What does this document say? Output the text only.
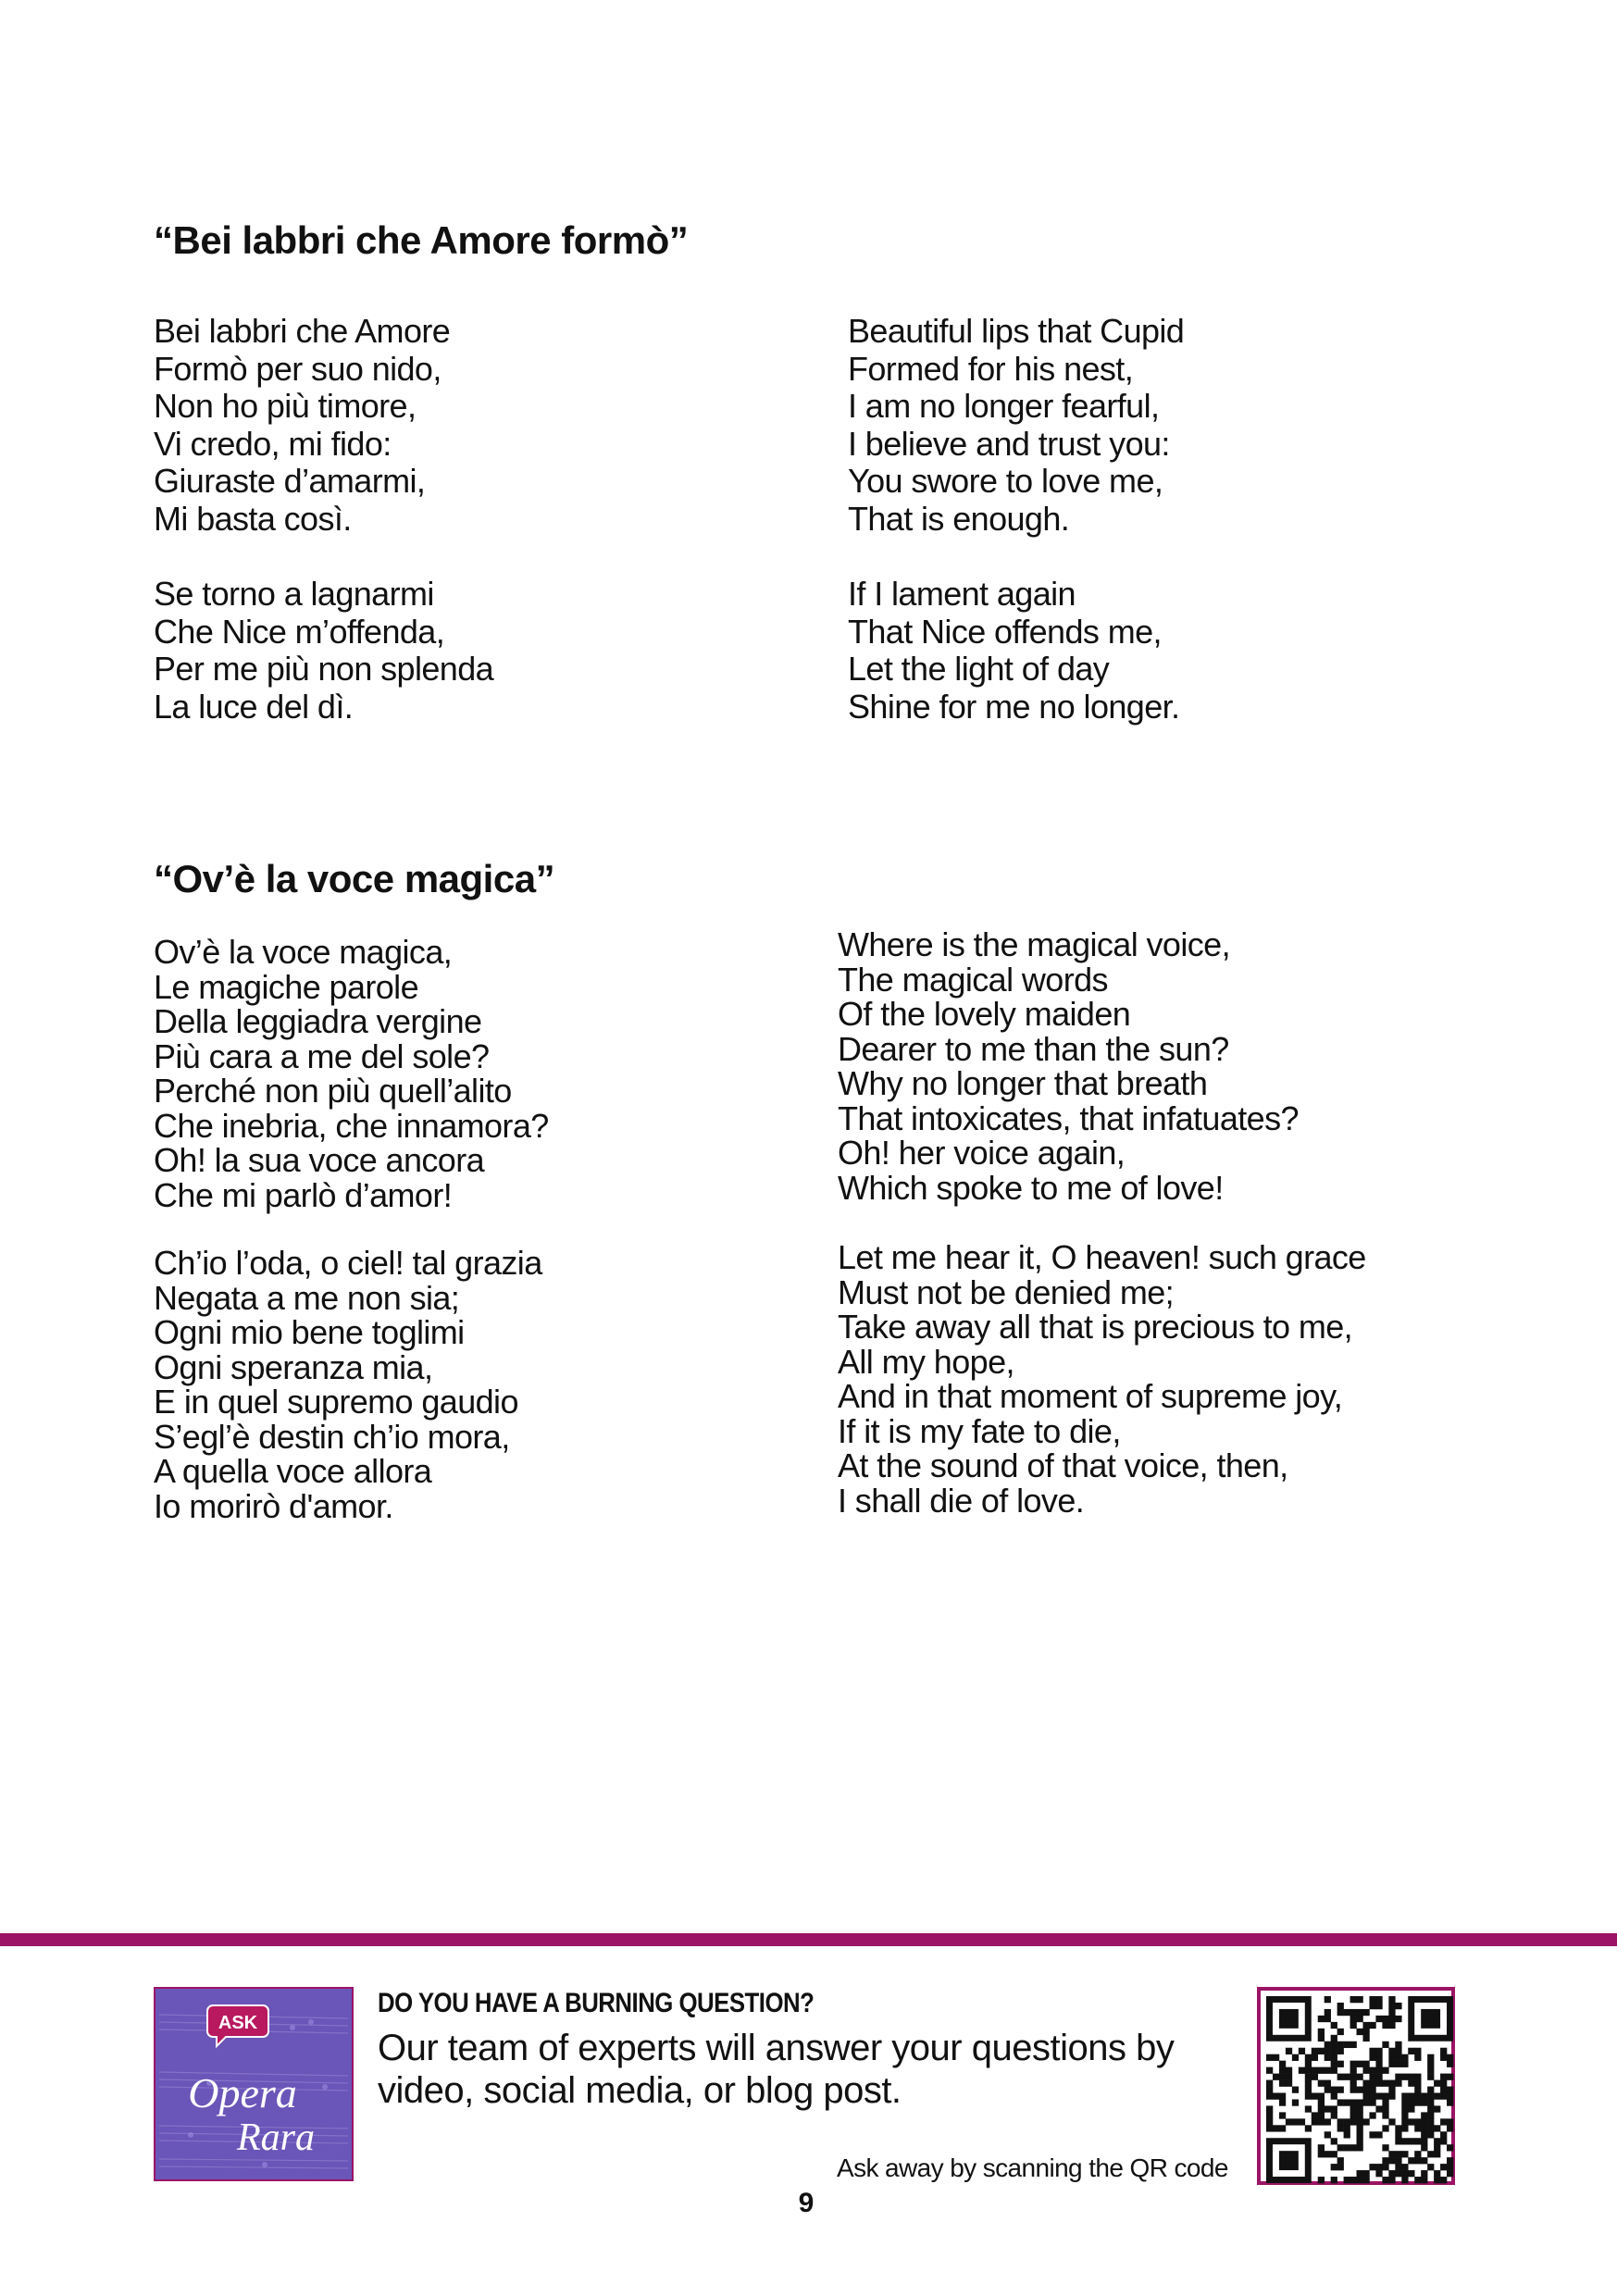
“Bei labbri che Amore formò”
Bei labbri che Amore
Formò per suo nido,
Non ho più timore,
Vi credo, mi fido:
Giuraste d’amarmi,
Mi basta così.
Se torno a lagnarmi
Che Nice m’offenda,
Per me più non splenda
La luce del dì.
Beautiful lips that Cupid
Formed for his nest,
I am no longer fearful,
I believe and trust you:
You swore to love me,
That is enough.
If I lament again
That Nice offends me,
Let the light of day
Shine for me no longer.
“Ov’è la voce magica”
Ov’è la voce magica,
Le magiche parole
Della leggiadra vergine
Più cara a me del sole?
Perché non più quell’alito
Che inebria, che innamora?
Oh! la sua voce ancora
Che mi parlò d’amor!
Ch’io l’oda, o ciel! tal grazia
Negata a me non sia;
Ogni mio bene toglimi
Ogni speranza mia,
E in quel supremo gaudio
S’egl’è destin ch’io mora,
A quella voce allora
Io morirò d'amor.
Where is the magical voice,
The magical words
Of the lovely maiden
Dearer to me than the sun?
Why no longer that breath
That intoxicates, that infatuates?
Oh! her voice again,
Which spoke to me of love!
Let me hear it, O heaven! such grace
Must not be denied me;
Take away all that is precious to me,
All my hope,
And in that moment of supreme joy,
If it is my fate to die,
At the sound of that voice, then,
I shall die of love.
ASK
Opera
Rara
DO YOU HAVE A BURNING QUESTION?

Our team of experts will answer your questions by
video, social media, or blog post.

Ask away by scanning the QR code

9
